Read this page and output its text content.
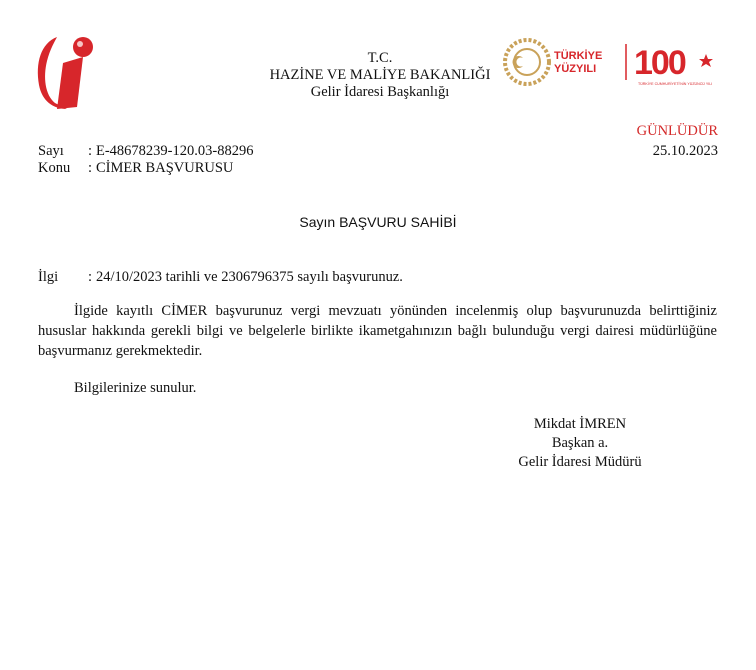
T.C.
HAZİNE VE MALİYE BAKANLIĞI
Gelir İdaresi Başkanlığı
TÜRKİYE
YÜZYILI 100
TÜRKİYE CUMHURİYETİ'NİN YÜZÜNCÜ YILI
GÜNLÜDÜR
25.10.2023
Sayı : E-48678239-120.03-88296
Konu : CİMER BAŞVURUSU
Sayın BAŞVURU SAHİBİ
İlgi : 24/10/2023 tarihli ve 2306796375 sayılı başvurunuz.
İlgide kayıtlı CİMER başvurunuz vergi mevzuatı yönünden incelenmiş olup başvurunuzda belirttiğiniz hususlar hakkında gerekli bilgi ve belgelerle birlikte ikametgahınızın bağlı bulunduğu vergi dairesi müdürlüğüne başvurmanız gerekmektedir.
Bilgilerinize sunulur.
Mikdat İMREN
Başkan a.
Gelir İdaresi Müdürü
